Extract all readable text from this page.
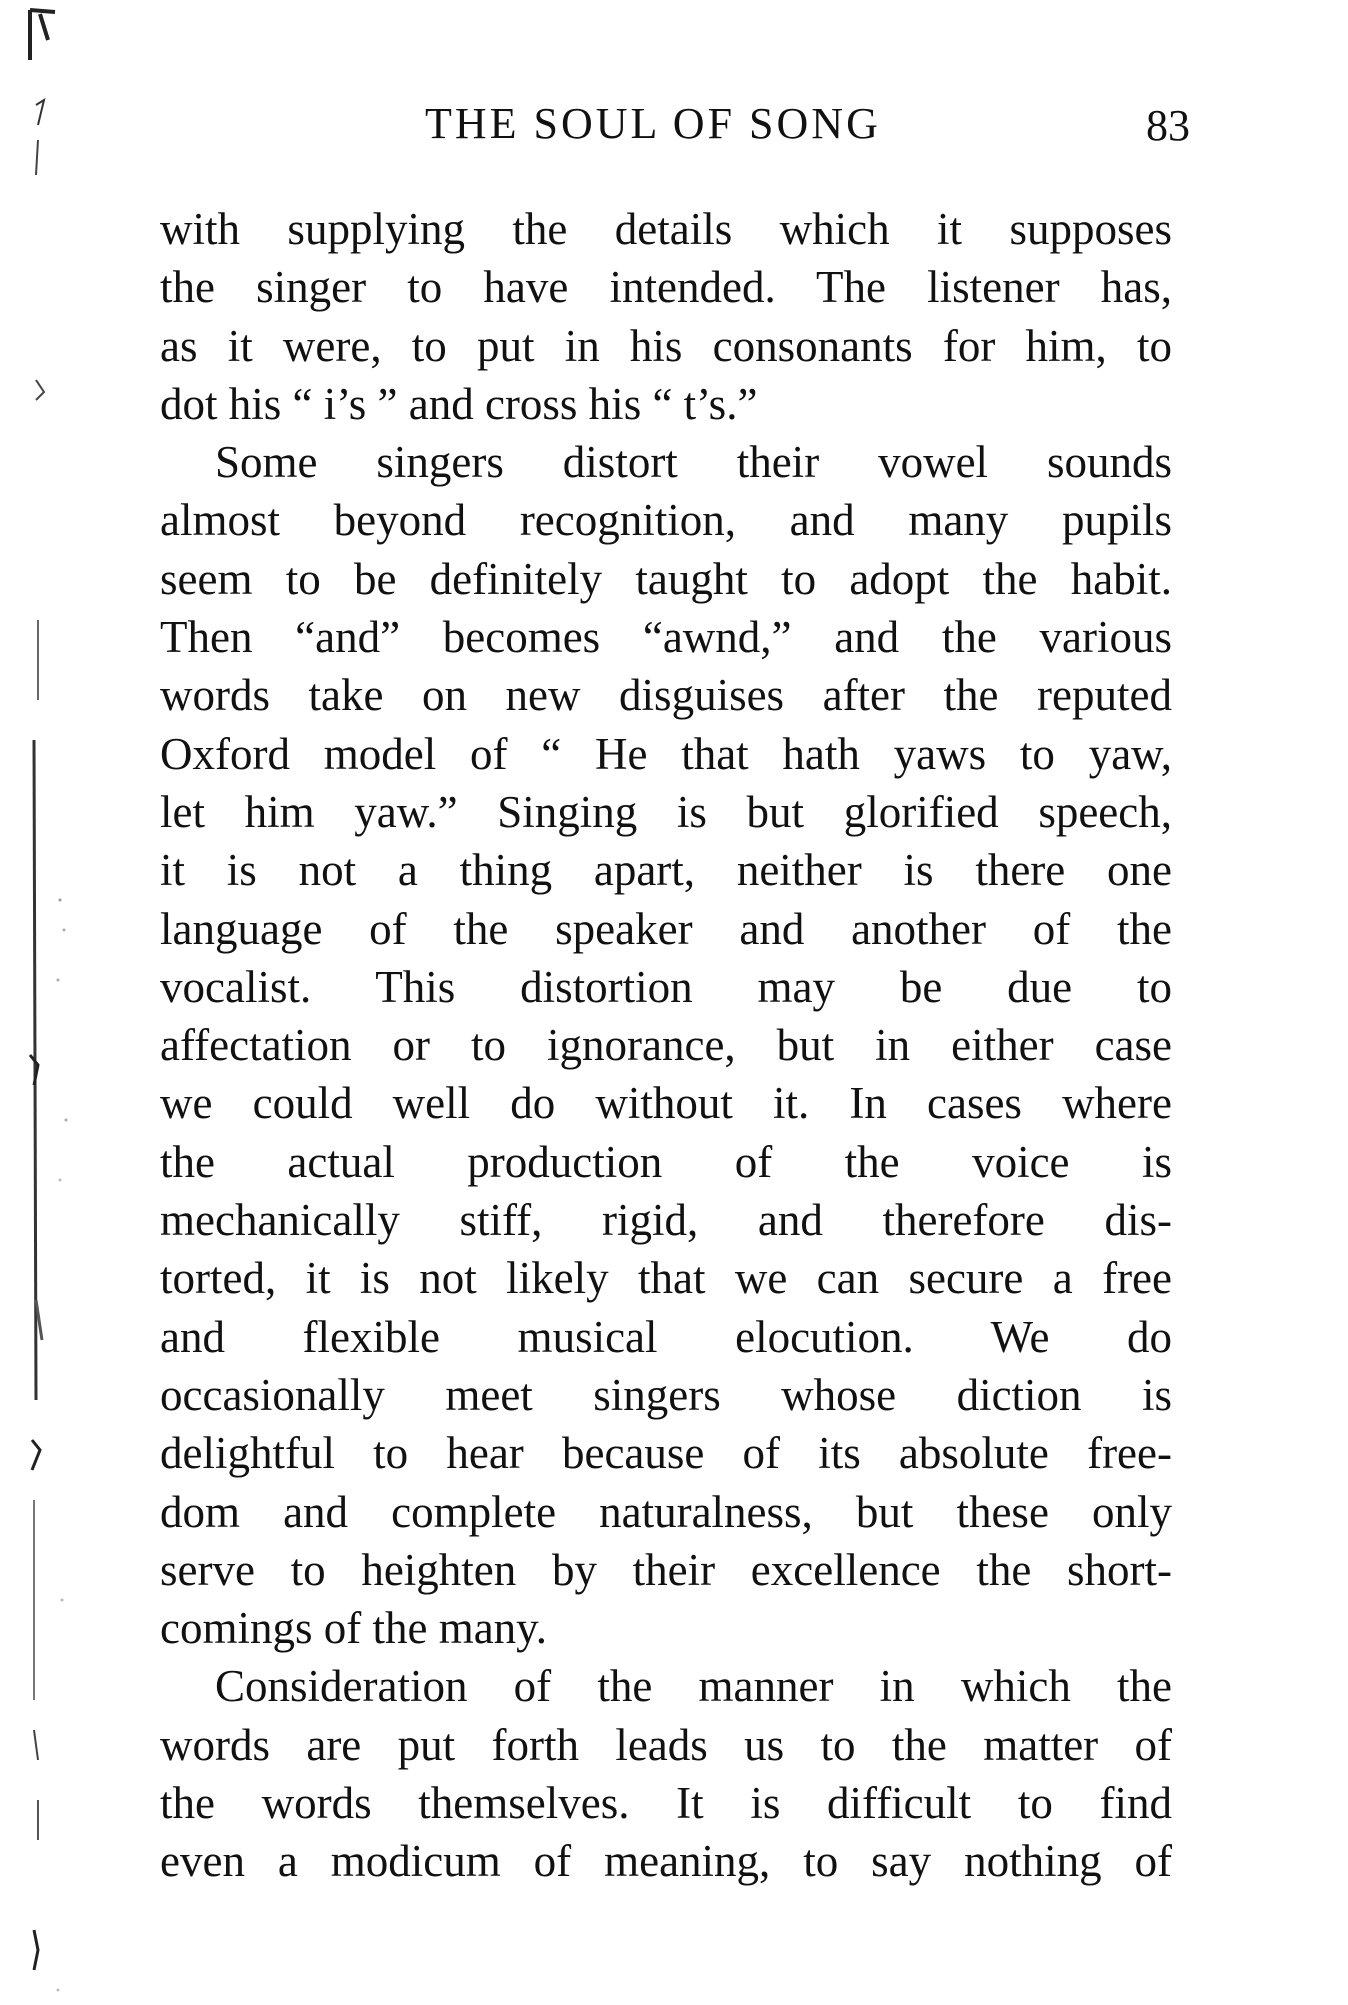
THE SOUL OF SONG	83
with supplying the details which it supposes
the singer to have intended. The listener has,
as it were, to put in his consonants for him, to
dot his “ i’s ” and cross his “ t’s.”
Some singers distort their vowel sounds
almost beyond recognition, and many pupils
seem to be definitely taught to adopt the habit.
Then “and” becomes “awnd,” and the various
words take on new disguises after the reputed
Oxford model of “ He that hath yaws to yaw,
let him yaw.” Singing is but glorified speech,
it is not a thing apart, neither is there one
language of the speaker and another of the
vocalist. This distortion may be due to
affectation or to ignorance, but in either case
we could well do without it. In cases where
the actual production of the voice is
mechanically stiff, rigid, and therefore dis-
torted, it is not likely that we can secure a free
and flexible musical elocution. We do
occasionally meet singers whose diction is
delightful to hear because of its absolute free-
dom and complete naturalness, but these only
serve to heighten by their excellence the short-
comings of the many.
Consideration of the manner in which the
words are put forth leads us to the matter of
the words themselves. It is difficult to find
even a modicum of meaning, to say nothing of
